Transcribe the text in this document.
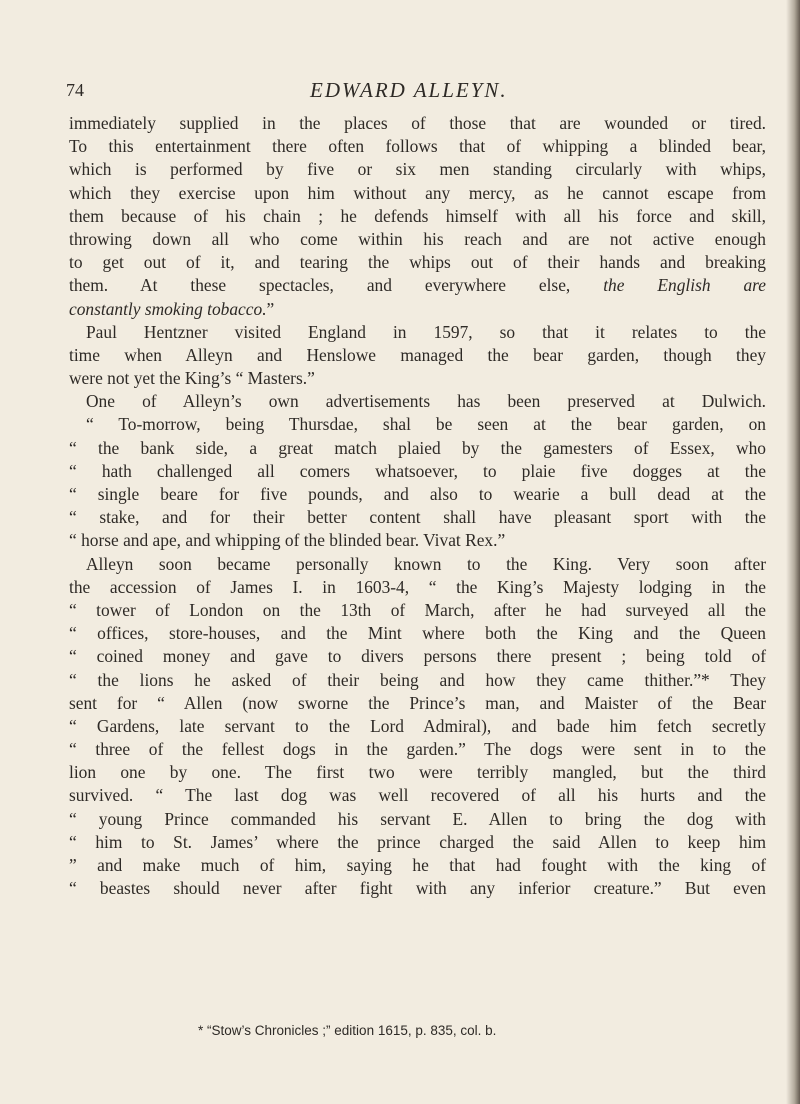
74	EDWARD ALLEYN.
immediately supplied in the places of those that are wounded or tired.
To this entertainment there often follows that of whipping a blinded bear,
which is performed by five or six men standing circularly with whips,
which they exercise upon him without any mercy, as he cannot escape from
them because of his chain ; he defends himself with all his force and skill,
throwing down all who come within his reach and are not active enough
to get out of it, and tearing the whips out of their hands and breaking
them. At these spectacles, and everywhere else, the English are
constantly smoking tobacco.”
Paul Hentzner visited England in 1597, so that it relates to the
time when Alleyn and Henslowe managed the bear garden, though they
were not yet the King’s “ Masters.”
One of Alleyn’s own advertisements has been preserved at Dulwich.
“ To-morrow, being Thursdae, shal be seen at the bear garden, on
“ the bank side, a great match plaied by the gamesters of Essex, who
“ hath challenged all comers whatsoever, to plaie five dogges at the
“ single beare for five pounds, and also to wearie a bull dead at the
“ stake, and for their better content shall have pleasant sport with the
“ horse and ape, and whipping of the blinded bear. Vivat Rex.”
Alleyn soon became personally known to the King. Very soon after
the accession of James I. in 1603-4, “ the King’s Majesty lodging in the
“ tower of London on the 13th of March, after he had surveyed all the
“ offices, store-houses, and the Mint where both the King and the Queen
“ coined money and gave to divers persons there present ; being told of
“ the lions he asked of their being and how they came thither.”* They
sent for “ Allen (now sworne the Prince’s man, and Maister of the Bear
“ Gardens, late servant to the Lord Admiral), and bade him fetch secretly
“ three of the fellest dogs in the garden.” The dogs were sent in to the
lion one by one. The first two were terribly mangled, but the third
survived. “ The last dog was well recovered of all his hurts and the
“ young Prince commanded his servant E. Allen to bring the dog with
“ him to St. James’ where the prince charged the said Allen to keep him
” and make much of him, saying he that had fought with the king of
“ beastes should never after fight with any inferior creature.” But even
* “Stow’s Chronicles ;” edition 1615, p. 835, col. b.
